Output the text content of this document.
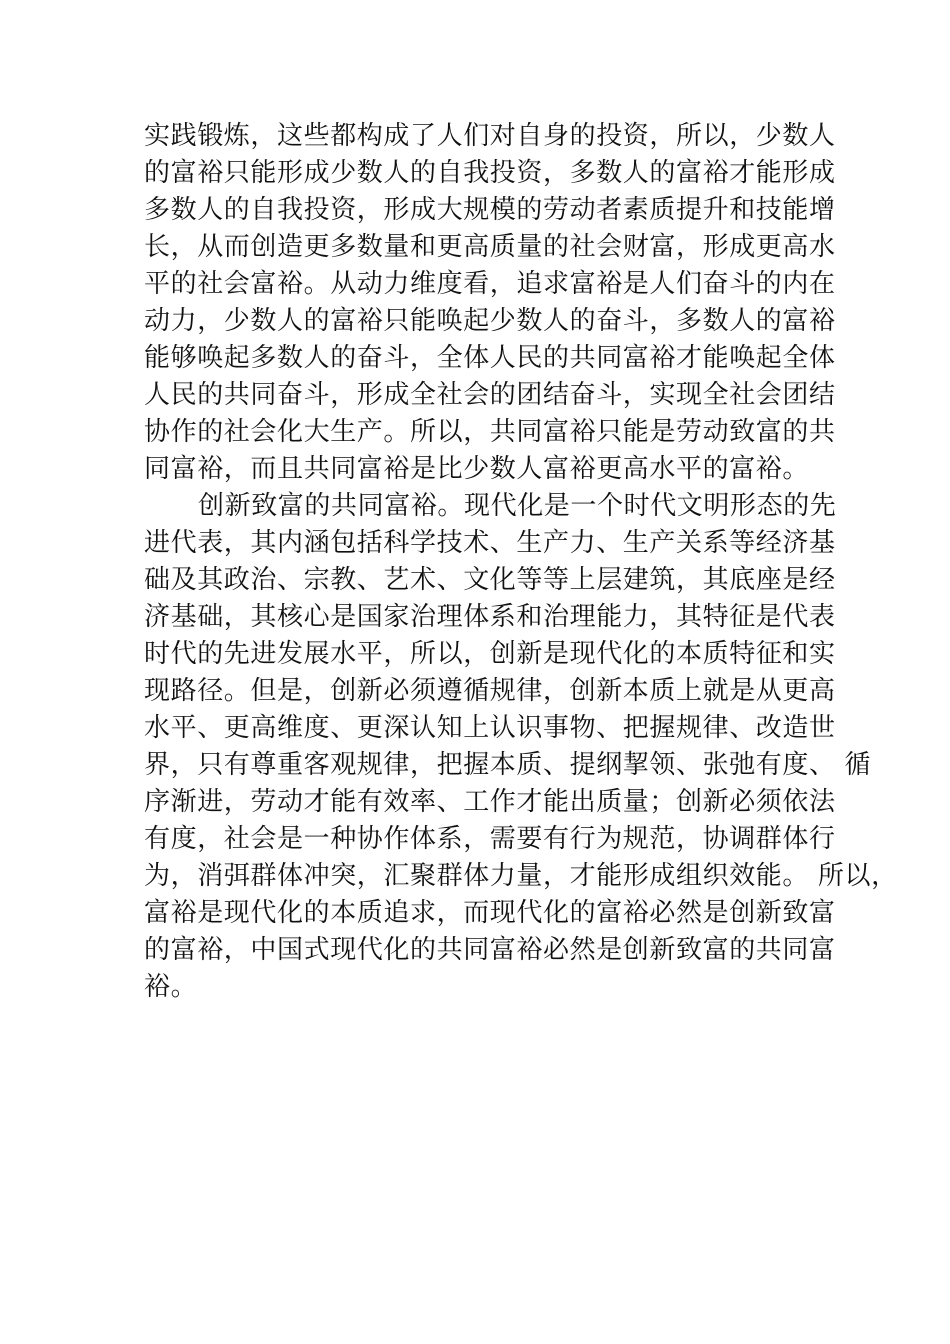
实践锻炼，这些都构成了人们对自身的投资，所以，少数人
的富裕只能形成少数人的自我投资，多数人的富裕才能形成
多数人的自我投资，形成大规模的劳动者素质提升和技能增
长，从而创造更多数量和更高质量的社会财富，形成更高水
平的社会富裕。从动力维度看，追求富裕是人们奋斗的内在
动力，少数人的富裕只能唤起少数人的奋斗，多数人的富裕
能够唤起多数人的奋斗，全体人民的共同富裕才能唤起全体
人民的共同奋斗，形成全社会的团结奋斗，实现全社会团结
协作的社会化大生产。所以，共同富裕只能是劳动致富的共
同富裕，而且共同富裕是比少数人富裕更高水平的富裕。
创新致富的共同富裕。现代化是一个时代文明形态的先
进代表，其内涵包括科学技术、生产力、生产关系等经济基
础及其政治、宗教、艺术、文化等等上层建筑，其底座是经
济基础，其核心是国家治理体系和治理能力，其特征是代表
时代的先进发展水平，所以，创新是现代化的本质特征和实
现路径。但是，创新必须遵循规律，创新本质上就是从更高
水平、更高维度、更深认知上认识事物、把握规律、改造世
界，只有尊重客观规律，把握本质、提纲挈领、张弛有度、 循
序渐进，劳动才能有效率、工作才能出质量；创新必须依法
有度，社会是一种协作体系，需要有行为规范，协调群体行
为，消弭群体冲突，汇聚群体力量，才能形成组织效能。 所以，
富裕是现代化的本质追求，而现代化的富裕必然是创新致富
的富裕，中国式现代化的共同富裕必然是创新致富的共同富
裕。
